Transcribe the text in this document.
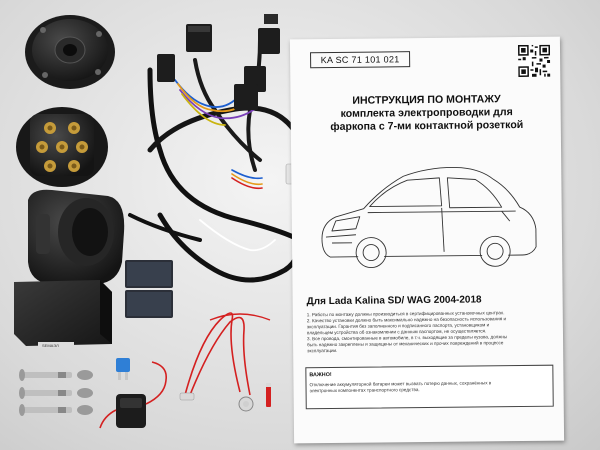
SEMAЭЛ
KA SC 71 101 021
ИНСТРУКЦИЯ ПО МОНТАЖУ
комплекта электропроводки для
фаркопа с 7-ми контактной розеткой
Для Lada Kalina SD/ WAG 2004-2018
1. Работы по монтажу должны производиться в сертифицированных установочных центрах.
2. Качество установки должно быть максимально надежно на безопасность использования и
эксплуатации. Гарантия без заполненного и подписанного паспорта, установщиком и
владельцем устройства об ознакомлении с данным паспортом, не осуществляется.
3. Все провода, смонтированные в автомобиле, в т.ч. выходящие за пределы кузова, должны
быть надежно закреплены и защищены от механических и прочих повреждений в процессе
эксплуатации.
ВАЖНО!
Отключение аккумуляторной батареи может вызвать потерю данных, сохранённых в
электронных компонентах транспортного средства.
